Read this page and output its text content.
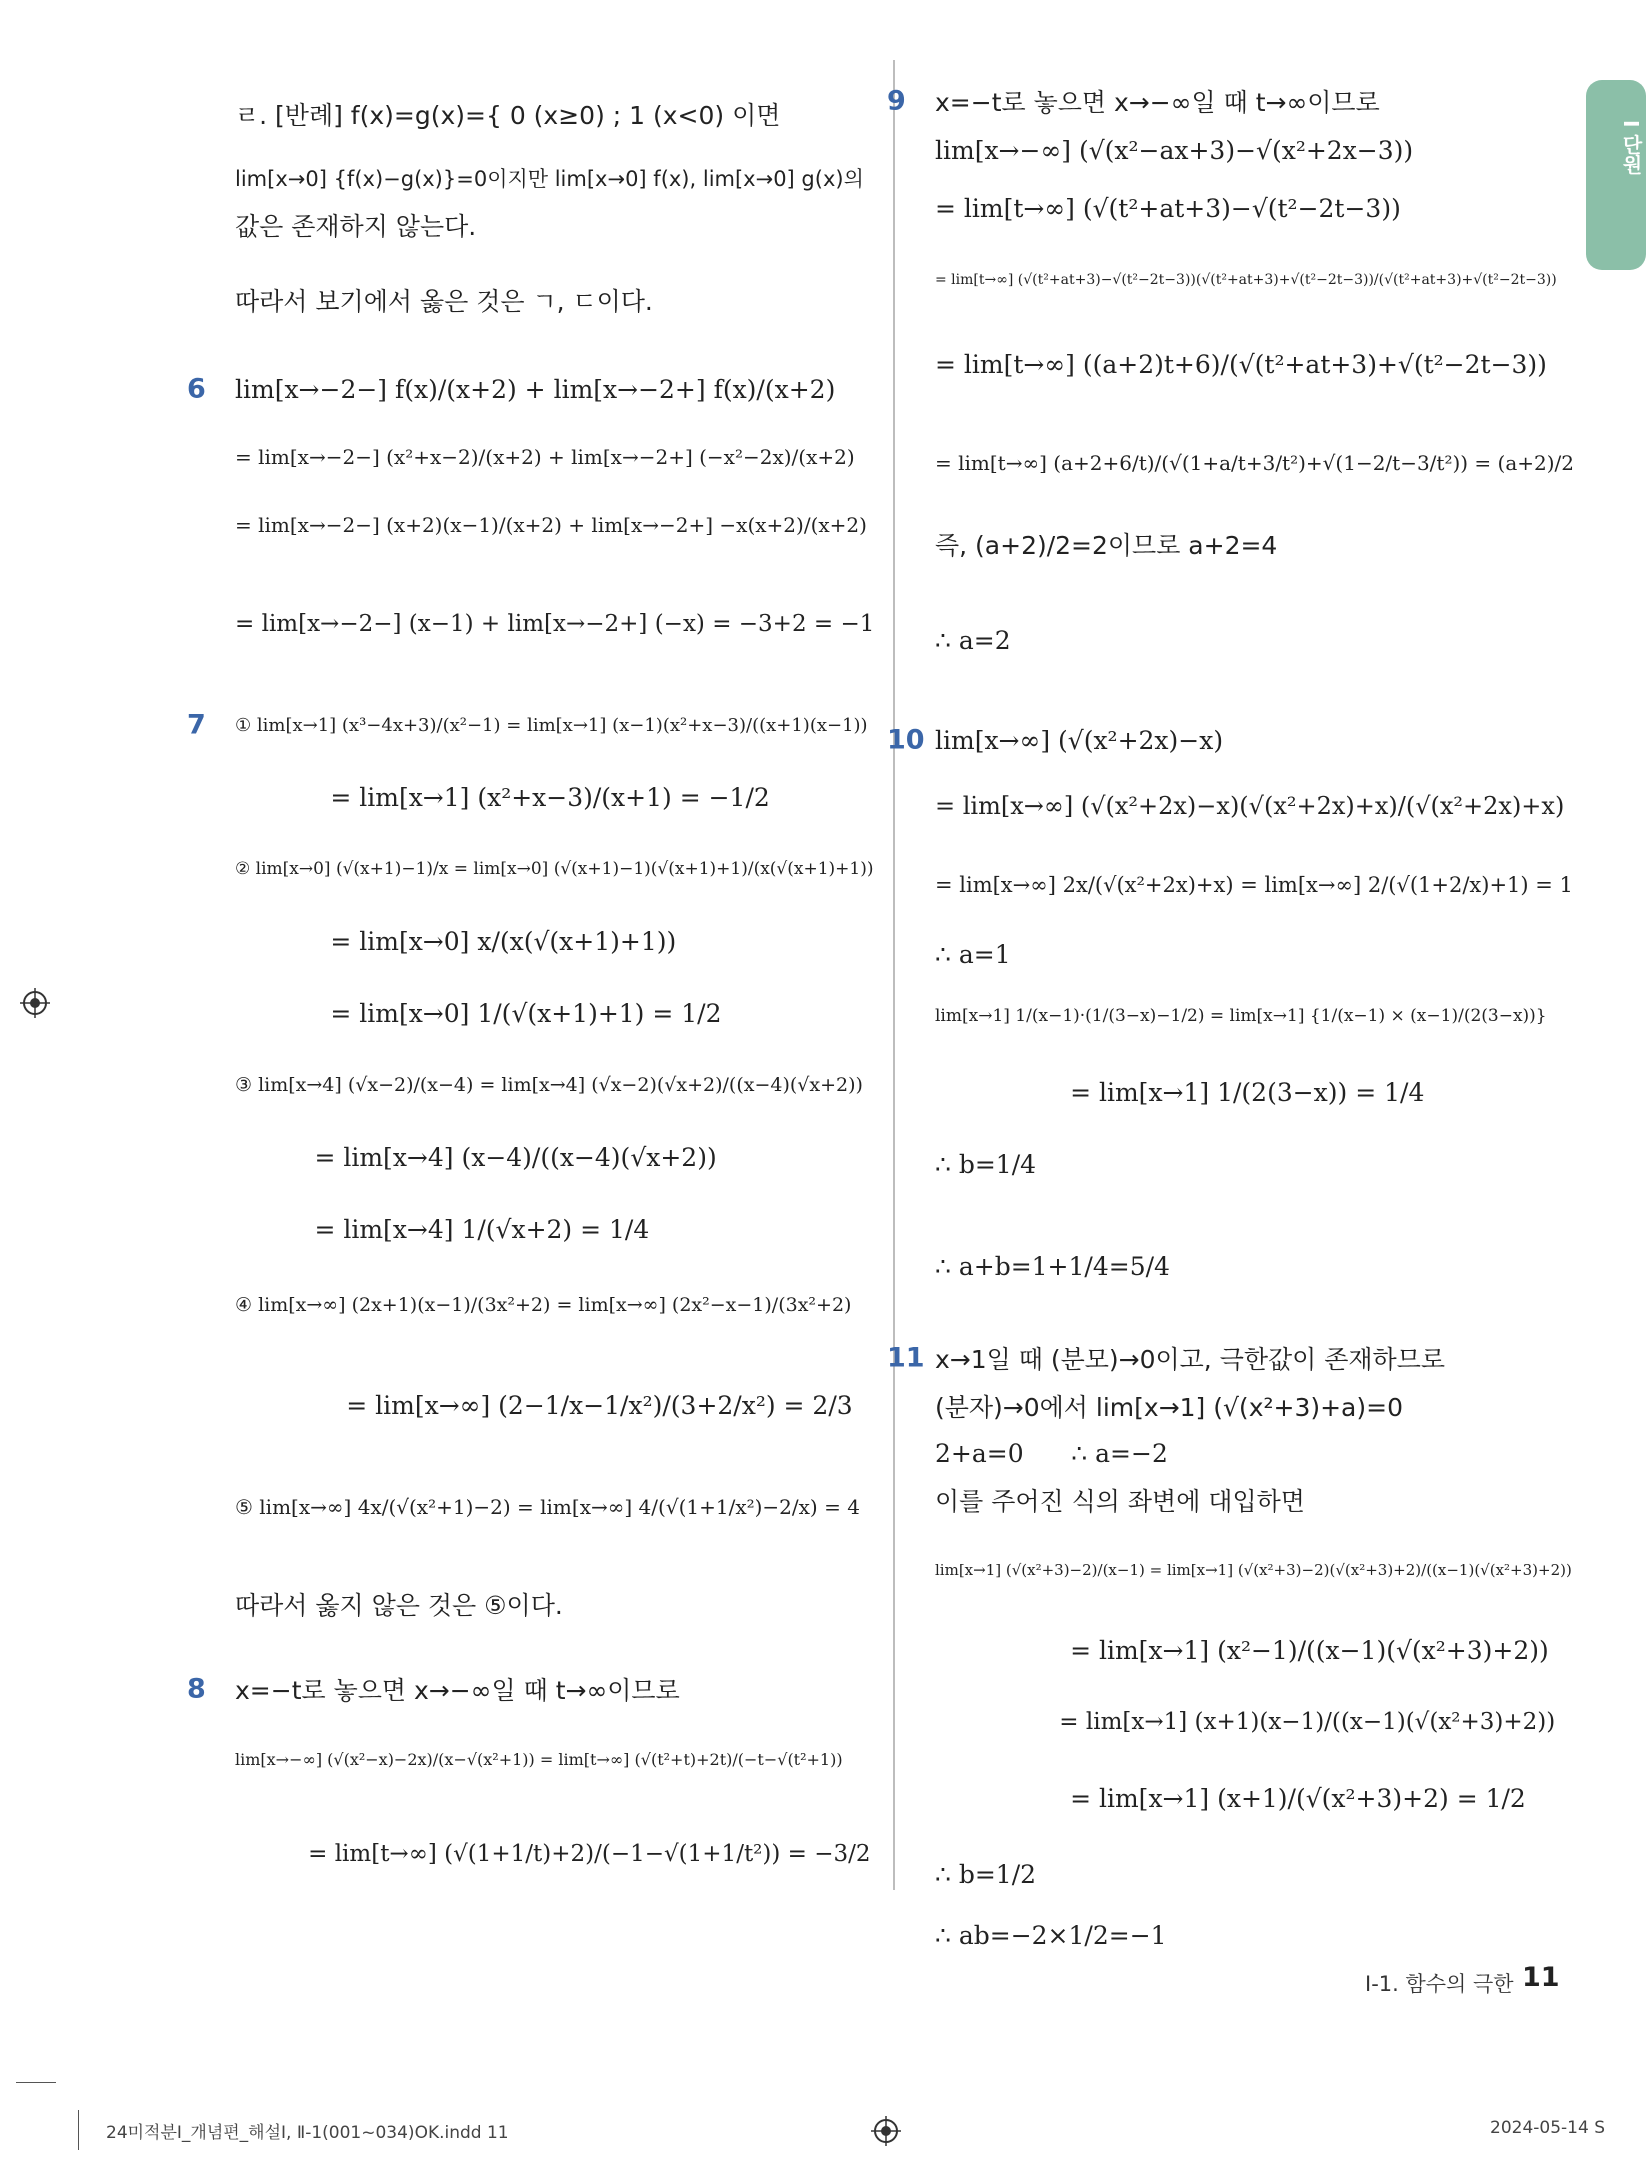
I 단원
ㄹ. [반례] f(x)=g(x)={ 0 (x≥0) ; 1 (x<0) 이면
lim[x→0] {f(x)−g(x)}=0이지만 lim[x→0] f(x), lim[x→0] g(x)의
값은 존재하지 않는다.
따라서 보기에서 옳은 것은 ㄱ, ㄷ이다.
6 lim[x→−2−] f(x)/(x+2) + lim[x→−2+] f(x)/(x+2)
= lim[x→−2−] (x²+x−2)/(x+2) + lim[x→−2+] (−x²−2x)/(x+2)
= lim[x→−2−] (x+2)(x−1)/(x+2) + lim[x→−2+] −x(x+2)/(x+2)
= lim[x→−2−] (x−1) + lim[x→−2+] (−x) = −3+2 = −1
7 ① lim[x→1] (x³−4x+3)/(x²−1) = lim[x→1] (x−1)(x²+x−3)/((x+1)(x−1))
= lim[x→1] (x²+x−3)/(x+1) = −1/2
② lim[x→0] (√(x+1)−1)/x = lim[x→0] (√(x+1)−1)(√(x+1)+1)/(x(√(x+1)+1))
= lim[x→0] x/(x(√(x+1)+1))
= lim[x→0] 1/(√(x+1)+1) = 1/2
③ lim[x→4] (√x−2)/(x−4) = lim[x→4] (√x−2)(√x+2)/((x−4)(√x+2))
= lim[x→4] (x−4)/((x−4)(√x+2))
= lim[x→4] 1/(√x+2) = 1/4
④ lim[x→∞] (2x+1)(x−1)/(3x²+2) = lim[x→∞] (2x²−x−1)/(3x²+2)
= lim[x→∞] (2−1/x−1/x²)/(3+2/x²) = 2/3
⑤ lim[x→∞] 4x/(√(x²+1)−2) = lim[x→∞] 4/(√(1+1/x²)−2/x) = 4
따라서 옳지 않은 것은 ⑤이다.
8 x=−t로 놓으면 x→−∞일 때 t→∞이므로
lim[x→−∞] (√(x²−x)−2x)/(x−√(x²+1)) = lim[t→∞] (√(t²+t)+2t)/(−t−√(t²+1))
= lim[t→∞] (√(1+1/t)+2)/(−1−√(1+1/t²)) = −3/2
9 x=−t로 놓으면 x→−∞일 때 t→∞이므로
lim[x→−∞] (√(x²−ax+3)−√(x²+2x−3))
= lim[t→∞] (√(t²+at+3)−√(t²−2t−3))
= lim[t→∞] (√(t²+at+3)−√(t²−2t−3))(√(t²+at+3)+√(t²−2t−3))/(√(t²+at+3)+√(t²−2t−3))
= lim[t→∞] ((a+2)t+6)/(√(t²+at+3)+√(t²−2t−3))
= lim[t→∞] (a+2+6/t)/(√(1+a/t+3/t²)+√(1−2/t−3/t²)) = (a+2)/2
즉, (a+2)/2=2이므로 a+2=4
∴ a=2
10 lim[x→∞] (√(x²+2x)−x)
= lim[x→∞] (√(x²+2x)−x)(√(x²+2x)+x)/(√(x²+2x)+x)
= lim[x→∞] 2x/(√(x²+2x)+x) = lim[x→∞] 2/(√(1+2/x)+1) = 1
∴ a=1
lim[x→1] 1/(x−1)·(1/(3−x)−1/2) = lim[x→1] {1/(x−1) × (x−1)/(2(3−x))}
= lim[x→1] 1/(2(3−x)) = 1/4
∴ b=1/4
∴ a+b=1+1/4=5/4
11 x→1일 때 (분모)→0이고, 극한값이 존재하므로
(분자)→0에서 lim[x→1] (√(x²+3)+a)=0
2+a=0      ∴ a=−2
이를 주어진 식의 좌변에 대입하면
lim[x→1] (√(x²+3)−2)/(x−1) = lim[x→1] (√(x²+3)−2)(√(x²+3)+2)/((x−1)(√(x²+3)+2))
= lim[x→1] (x²−1)/((x−1)(√(x²+3)+2))
= lim[x→1] (x+1)(x−1)/((x−1)(√(x²+3)+2))
= lim[x→1] (x+1)/(√(x²+3)+2) = 1/2
∴ b=1/2
∴ ab=−2×1/2=−1
I-1. 함수의 극한 11
24미적분Ⅰ_개념편_해설Ⅰ, Ⅱ-1(001~034)OK.indd 11	2024-05-14 S
